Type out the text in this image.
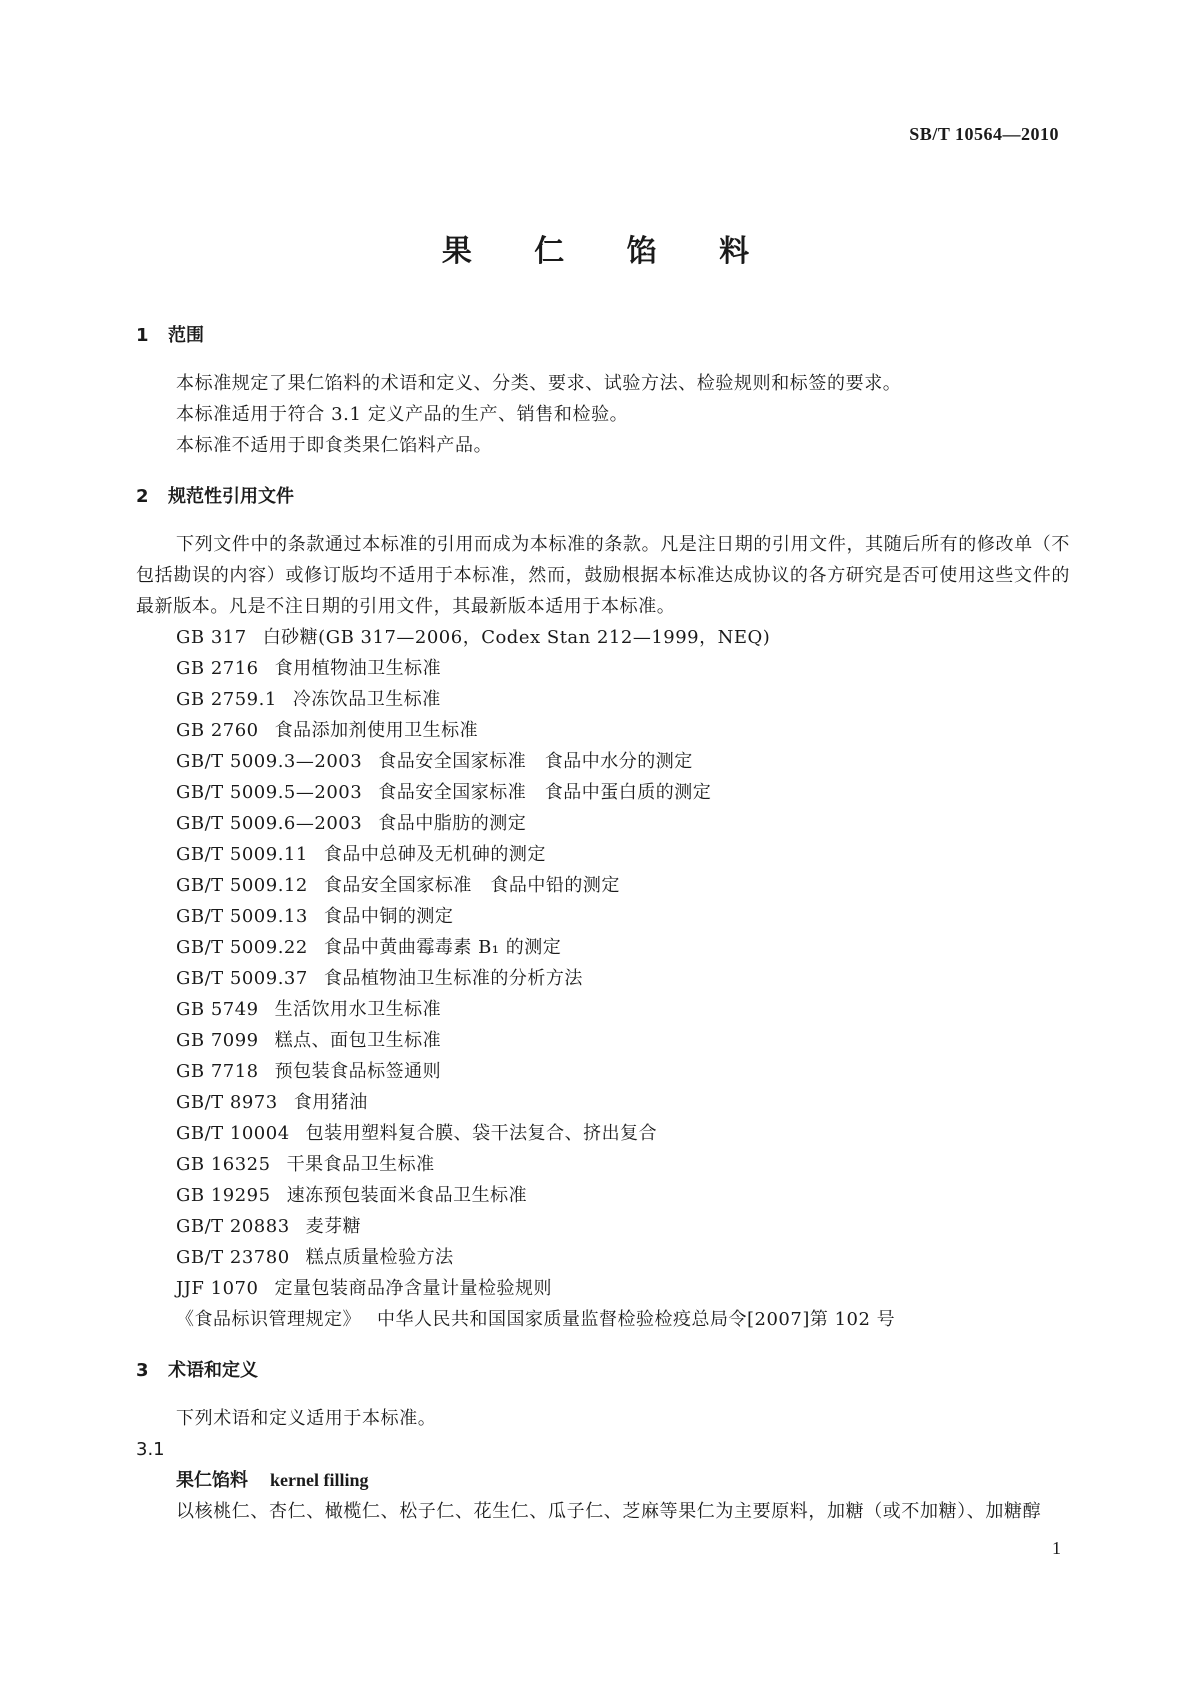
SB/T 10564—2010
果 仁 馅 料
1 范围

本标准规定了果仁馅料的术语和定义、分类、要求、试验方法、检验规则和标签的要求。

本标准适用于符合 3.1 定义产品的生产、销售和检验。

本标准不适用于即食类果仁馅料产品。

2 规范性引用文件

下列文件中的条款通过本标准的引用而成为本标准的条款。凡是注日期的引用文件，其随后所有的修改单（不包括勘误的内容）或修订版均不适用于本标准，然而，鼓励根据本标准达成协议的各方研究是否可使用这些文件的最新版本。凡是不注日期的引用文件，其最新版本适用于本标准。

GB 317 白砂糖(GB 317—2006，Codex Stan 212—1999，NEQ)

GB 2716 食用植物油卫生标准

GB 2759.1 冷冻饮品卫生标准

GB 2760 食品添加剂使用卫生标准

GB/T 5009.3—2003 食品安全国家标准　食品中水分的测定

GB/T 5009.5—2003 食品安全国家标准　食品中蛋白质的测定

GB/T 5009.6—2003 食品中脂肪的测定

GB/T 5009.11 食品中总砷及无机砷的测定

GB/T 5009.12 食品安全国家标准　食品中铅的测定

GB/T 5009.13 食品中铜的测定

GB/T 5009.22 食品中黄曲霉毒素 B₁ 的测定

GB/T 5009.37 食品植物油卫生标准的分析方法

GB 5749 生活饮用水卫生标准

GB 7099 糕点、面包卫生标准

GB 7718 预包装食品标签通则

GB/T 8973 食用猪油

GB/T 10004 包装用塑料复合膜、袋干法复合、挤出复合

GB 16325 干果食品卫生标准

GB 19295 速冻预包装面米食品卫生标准

GB/T 20883 麦芽糖

GB/T 23780 糕点质量检验方法

JJF 1070 定量包装商品净含量计量检验规则

《食品标识管理规定》 中华人民共和国国家质量监督检验检疫总局令[2007]第 102 号

3 术语和定义

下列术语和定义适用于本标准。

3.1

果仁馅料 kernel filling

以核桃仁、杏仁、橄榄仁、松子仁、花生仁、瓜子仁、芝麻等果仁为主要原料，加糖（或不加糖）、加糖醇

1
